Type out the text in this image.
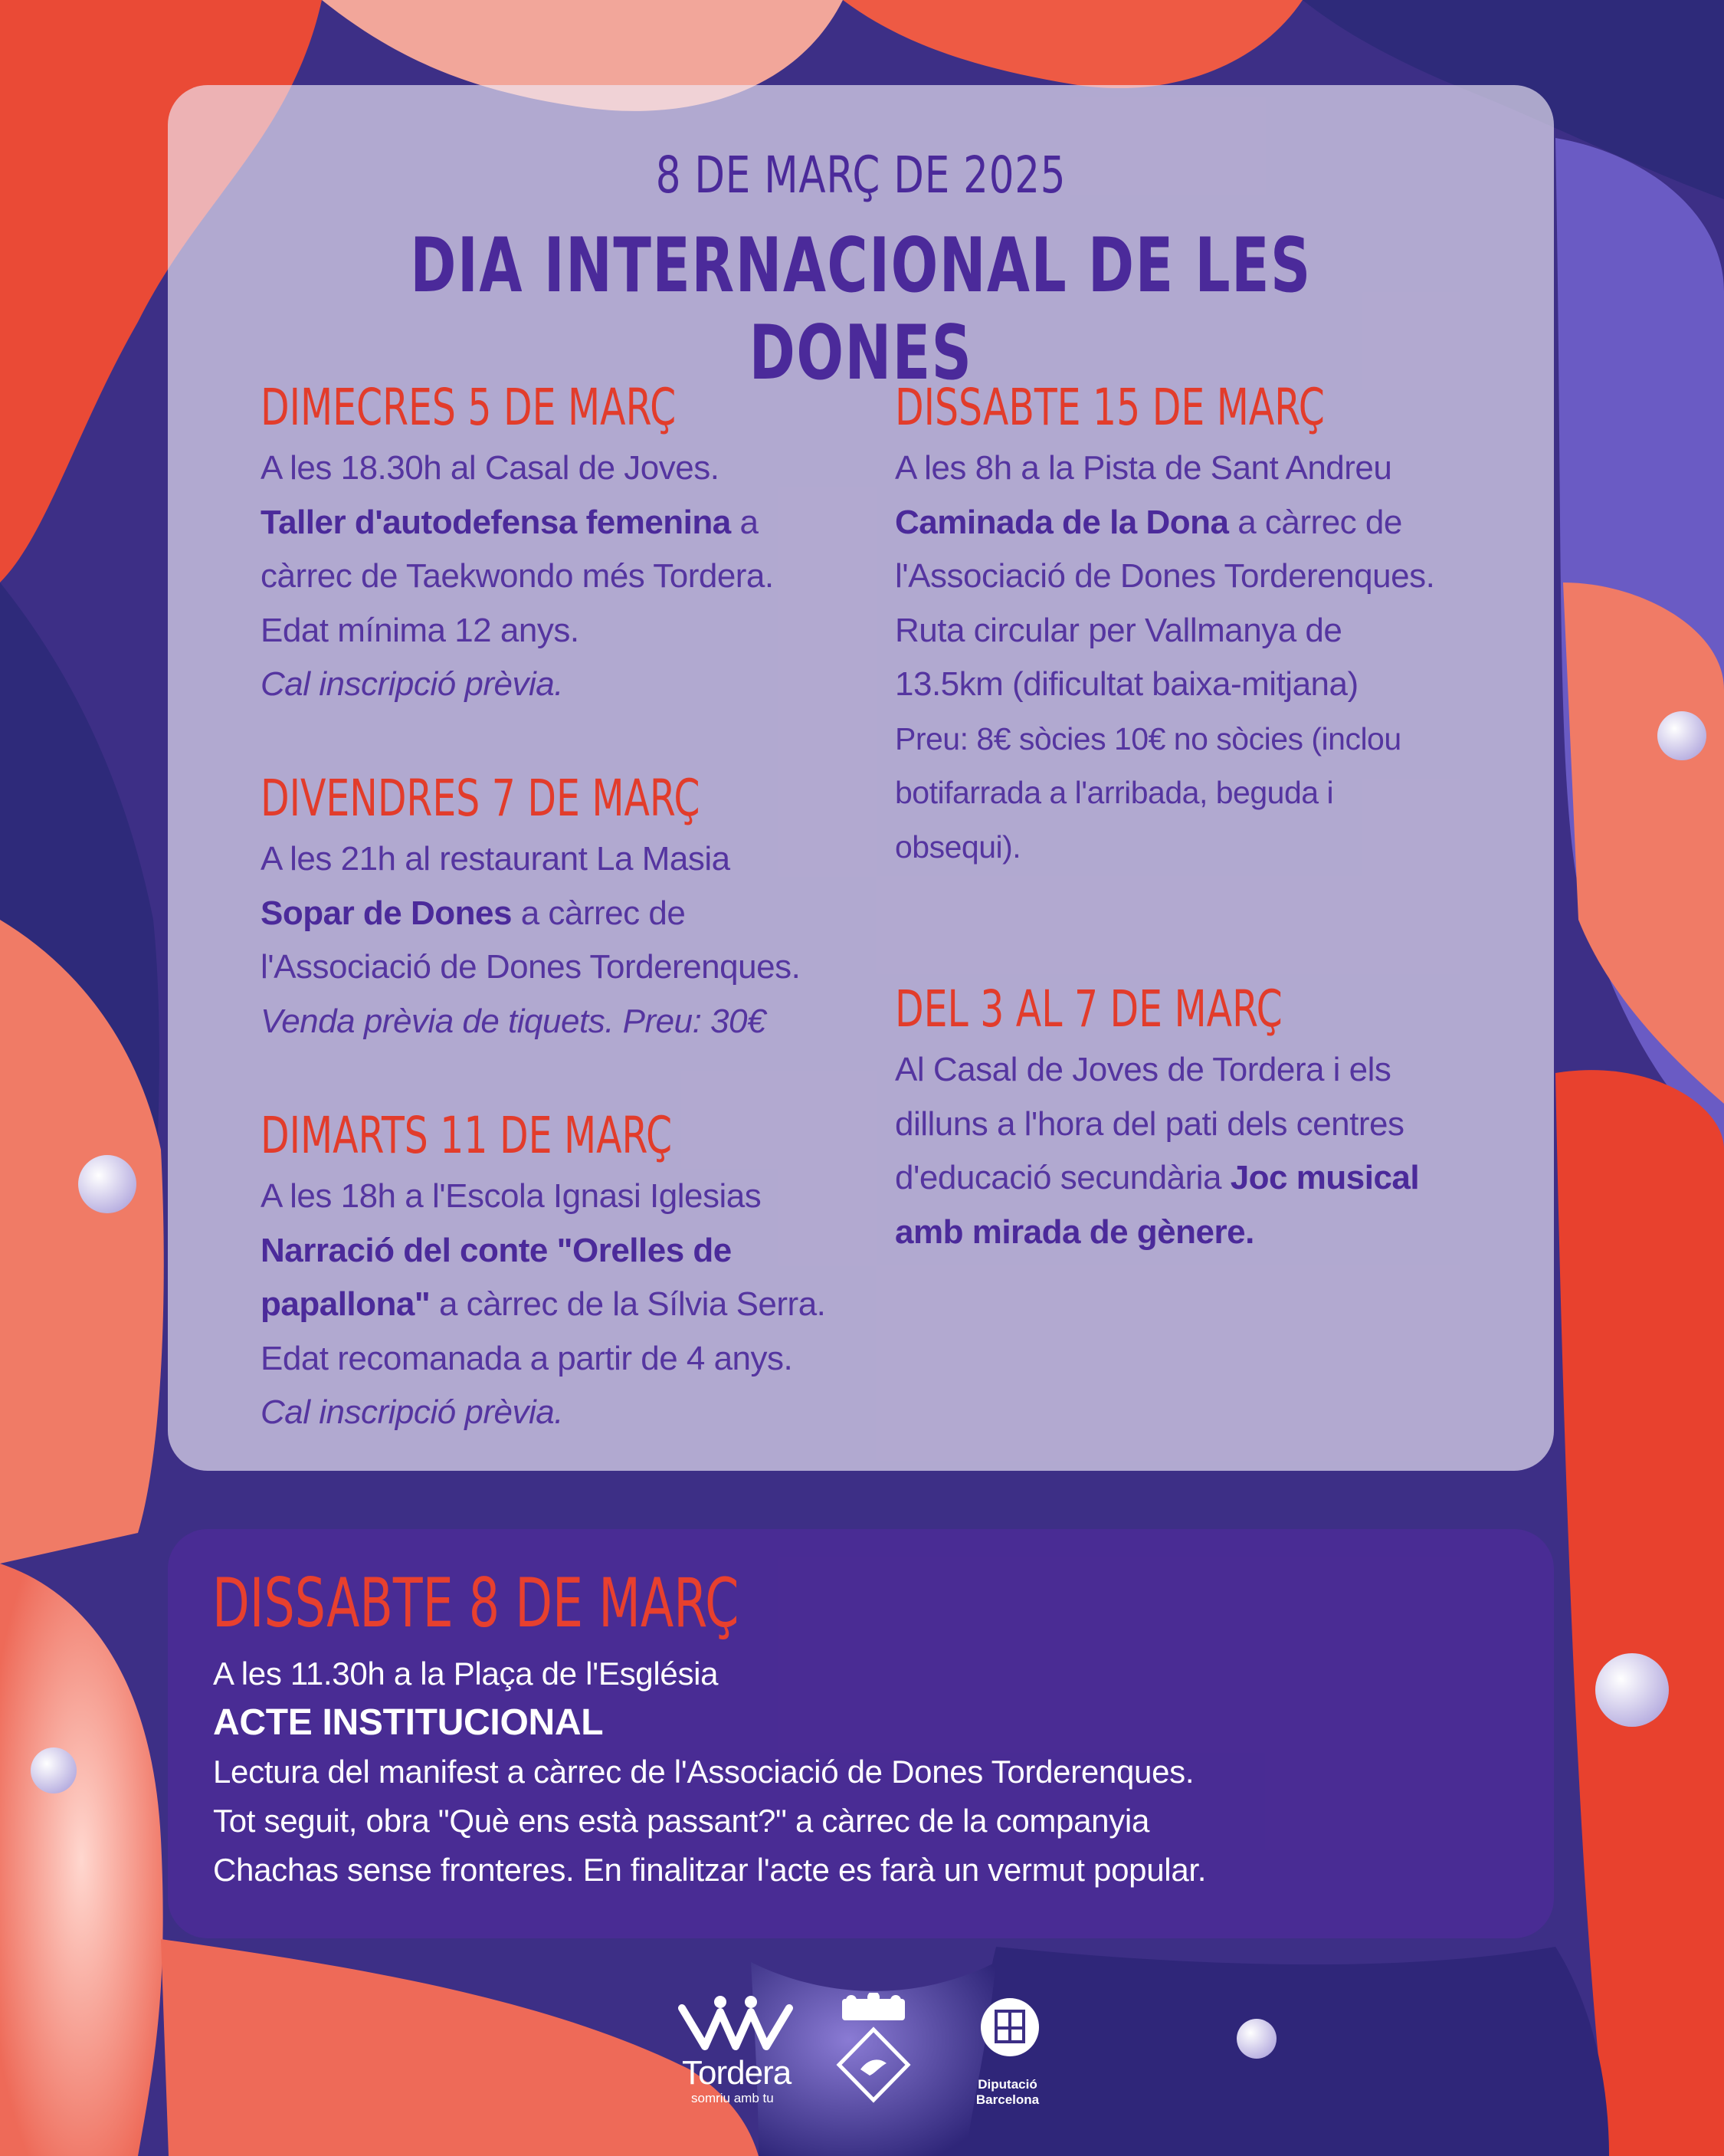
8 DE MARÇ DE 2025
DIA INTERNACIONAL DE LES DONES
DIMECRES 5 DE MARÇ
A les 18.30h al Casal de Joves.
Taller d'autodefensa femenina a càrrec de Taekwondo més Tordera. Edat mínima 12 anys.
Cal inscripció prèvia.
DIVENDRES 7 DE MARÇ
A les 21h al restaurant La Masia
Sopar de Dones a càrrec de l'Associació de Dones Torderenques.
Venda prèvia de tiquets. Preu: 30€
DIMARTS 11 DE MARÇ
A les 18h a l'Escola Ignasi Iglesias
Narració del conte "Orelles de papallona" a càrrec de la Sílvia Serra. Edat recomanada a partir de 4 anys. Cal inscripció prèvia.
DISSABTE 15 DE MARÇ
A les 8h a la Pista de Sant Andreu
Caminada de la Dona a càrrec de l'Associació de Dones Torderenques. Ruta circular per Vallmanya de 13.5km (dificultat baixa-mitjana)
Preu: 8€ sòcies 10€ no sòcies (inclou botifarrada a l'arribada, beguda i obsequi).
DEL 3 AL 7 DE MARÇ
Al Casal de Joves de Tordera i els dilluns a l'hora del pati dels centres d'educació secundària Joc musical amb mirada de gènere.
DISSABTE 8 DE MARÇ
A les 11.30h a la Plaça de l'Església
ACTE INSTITUCIONAL
Lectura del manifest a càrrec de l'Associació de Dones Torderenques.
Tot seguit, obra "Què ens està passant?" a càrrec de la companyia
Chachas sense fronteres. En finalitzar l'acte es farà un vermut popular.
Tordera
somriu amb tu
Diputació
Barcelona
